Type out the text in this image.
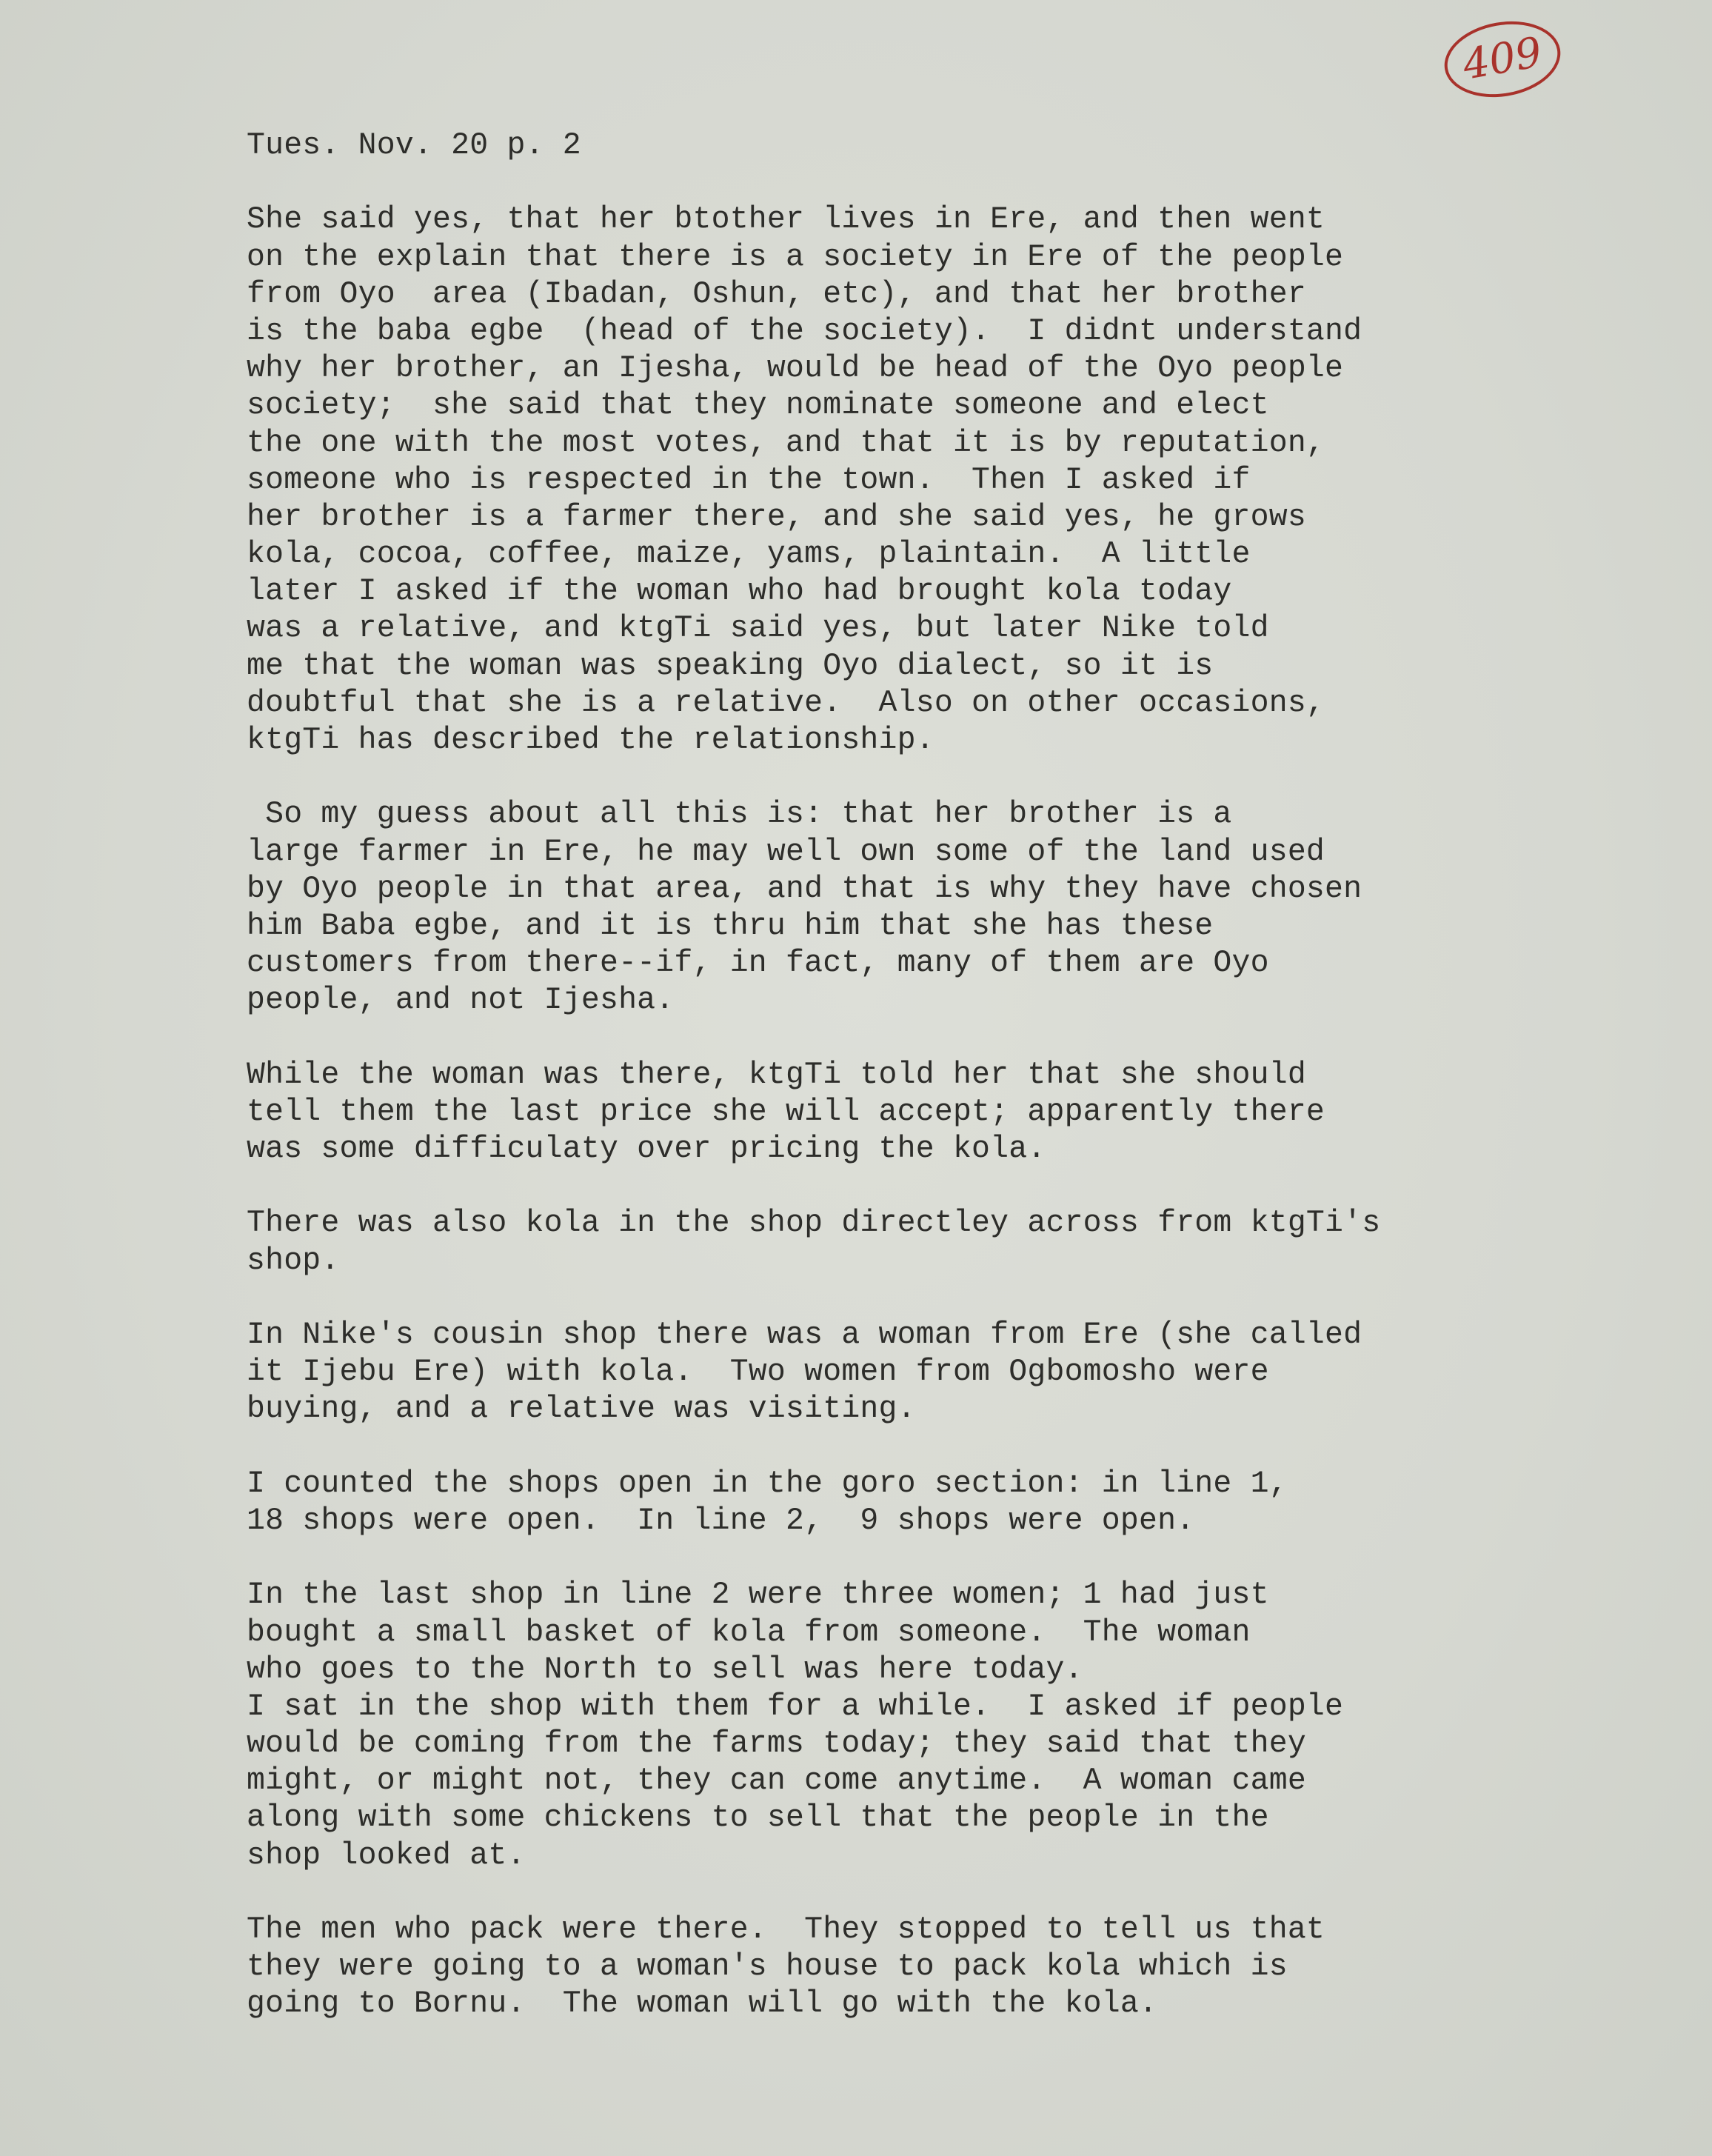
409
Tues. Nov. 20 p. 2
She said yes, that her btother lives in Ere, and then went
on the explain that there is a society in Ere of the people
from Oyo  area (Ibadan, Oshun, etc), and that her brother
is the baba egbe  (head of the society).  I didnt understand
why her brother, an Ijesha, would be head of the Oyo people
society;  she said that they nominate someone and elect
the one with the most votes, and that it is by reputation,
someone who is respected in the town.  Then I asked if
her brother is a farmer there, and she said yes, he grows
kola, cocoa, coffee, maize, yams, plaintain.  A little
later I asked if the woman who had brought kola today
was a relative, and ktgTi said yes, but later Nike told
me that the woman was speaking Oyo dialect, so it is
doubtful that she is a relative.  Also on other occasions,
ktgTi has described the relationship.
So my guess about all this is: that her brother is a
large farmer in Ere, he may well own some of the land used
by Oyo people in that area, and that is why they have chosen
him Baba egbe, and it is thru him that she has these
customers from there--if, in fact, many of them are Oyo
people, and not Ijesha.
While the woman was there, ktgTi told her that she should
tell them the last price she will accept; apparently there
was some difficulaty over pricing the kola.
There was also kola in the shop directley across from ktgTi's
shop.
In Nike's cousin shop there was a woman from Ere (she called
it Ijebu Ere) with kola.  Two women from Ogbomosho were
buying, and a relative was visiting.
I counted the shops open in the goro section: in line 1,
18 shops were open.  In line 2,  9 shops were open.
In the last shop in line 2 were three women; 1 had just
bought a small basket of kola from someone.  The woman
who goes to the North to sell was here today.
I sat in the shop with them for a while.  I asked if people
would be coming from the farms today; they said that they
might, or might not, they can come anytime.  A woman came
along with some chickens to sell that the people in the
shop looked at.
The men who pack were there.  They stopped to tell us that
they were going to a woman's house to pack kola which is
going to Bornu.  The woman will go with the kola.
